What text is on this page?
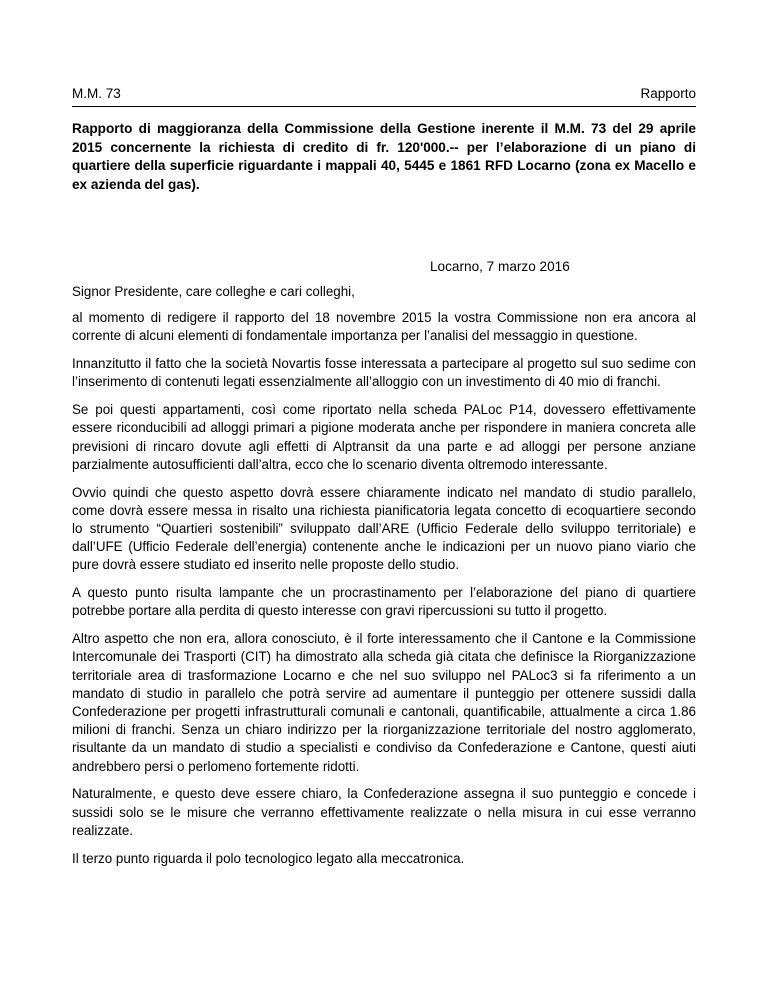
M.M. 73	Rapporto
Rapporto di maggioranza della Commissione della Gestione inerente il M.M. 73 del 29 aprile 2015 concernente la richiesta di credito di fr. 120'000.-- per l’elaborazione di un piano di quartiere della superficie riguardante i mappali 40, 5445 e 1861 RFD Locarno (zona ex Macello e ex azienda del gas).
Locarno, 7 marzo 2016

Signor Presidente, care colleghe e cari colleghi,

al momento di redigere il rapporto del 18 novembre 2015 la vostra Commissione non era ancora al corrente di alcuni elementi di fondamentale importanza per l’analisi del messaggio in questione.

Innanzitutto il fatto che la società Novartis fosse interessata a partecipare al progetto sul suo sedime con l’inserimento di contenuti legati essenzialmente all’alloggio con un investimento di 40 mio di franchi.

Se poi questi appartamenti, così come riportato nella scheda PALoc P14, dovessero effettivamente essere riconducibili ad alloggi primari a pigione moderata anche per rispondere in maniera concreta alle previsioni di rincaro dovute agli effetti di Alptransit da una parte e ad alloggi per persone anziane parzialmente autosufficienti dall’altra, ecco che lo scenario diventa oltremodo interessante.

Ovvio quindi che questo aspetto dovrà essere chiaramente indicato nel mandato di studio parallelo, come dovrà essere messa in risalto una richiesta pianificatoria legata concetto di ecoquartiere secondo lo strumento “Quartieri sostenibili” sviluppato dall’ARE (Ufficio Federale dello sviluppo territoriale) e dall’UFE (Ufficio Federale dell’energia) contenente anche le indicazioni per un nuovo piano viario che pure dovrà essere studiato ed inserito nelle proposte dello studio.

A questo punto risulta lampante che un procrastinamento per l’elaborazione del piano di quartiere potrebbe portare alla perdita di questo interesse con gravi ripercussioni su tutto il progetto.

Altro aspetto che non era, allora conosciuto, è il forte interessamento che il Cantone e la Commissione Intercomunale dei Trasporti (CIT) ha dimostrato alla scheda già citata che definisce la Riorganizzazione territoriale area di trasformazione Locarno e che nel suo sviluppo nel PALoc3 si fa riferimento a un mandato di studio in parallelo che potrà servire ad aumentare il punteggio per ottenere sussidi dalla Confederazione per progetti infrastrutturali comunali e cantonali, quantificabile, attualmente a circa 1.86 milioni di franchi. Senza un chiaro indirizzo per la riorganizzazione territoriale del nostro agglomerato, risultante da un mandato di studio a specialisti e condiviso da Confederazione e Cantone, questi aiuti andrebbero persi o perlomeno fortemente ridotti.

Naturalmente, e questo deve essere chiaro, la Confederazione assegna il suo punteggio e concede i sussidi solo se le misure che verranno effettivamente realizzate o nella misura in cui esse verranno realizzate.

Il terzo punto riguarda il polo tecnologico legato alla meccatronica.
